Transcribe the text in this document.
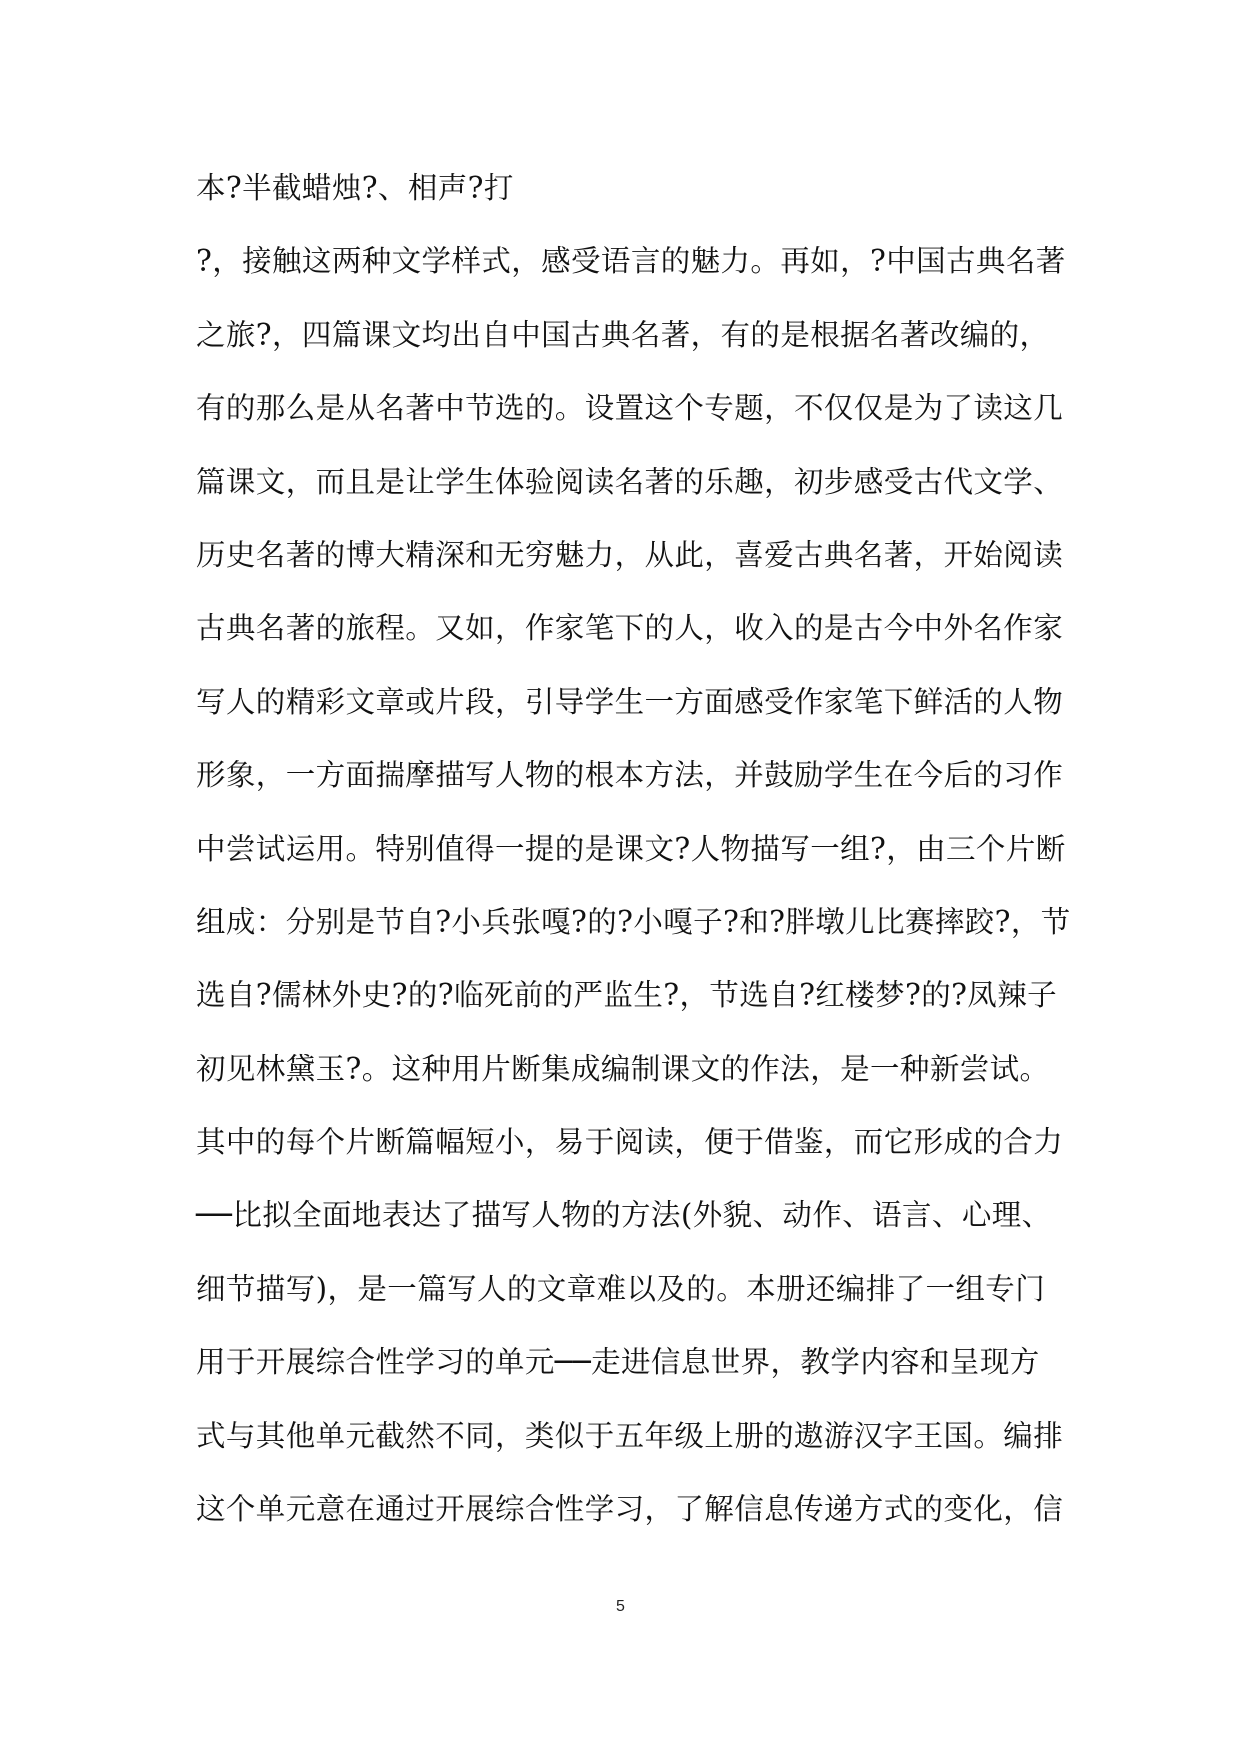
本?半截蜡烛?、相声?打
?，接触这两种文学样式，感受语言的魅力。再如，?中国古典名著
之旅?，四篇课文均出自中国古典名著，有的是根据名著改编的，
有的那么是从名著中节选的。设置这个专题，不仅仅是为了读这几
篇课文，而且是让学生体验阅读名著的乐趣，初步感受古代文学、
历史名著的博大精深和无穷魅力，从此，喜爱古典名著，开始阅读
古典名著的旅程。又如，作家笔下的人，收入的是古今中外名作家
写人的精彩文章或片段，引导学生一方面感受作家笔下鲜活的人物
形象，一方面揣摩描写人物的根本方法，并鼓励学生在今后的习作
中尝试运用。特别值得一提的是课文?人物描写一组?，由三个片断
组成：分别是节自?小兵张嘎?的?小嘎子?和?胖墩儿比赛摔跤?，节
选自?儒林外史?的?临死前的严监生?，节选自?红楼梦?的?凤辣子
初见林黛玉?。这种用片断集成编制课文的作法，是一种新尝试。
其中的每个片断篇幅短小，易于阅读，便于借鉴，而它形成的合力
──比拟全面地表达了描写人物的方法(外貌、动作、语言、心理、
细节描写)，是一篇写人的文章难以及的。本册还编排了一组专门
用于开展综合性学习的单元──走进信息世界，教学内容和呈现方
式与其他单元截然不同，类似于五年级上册的遨游汉字王国。编排
这个单元意在通过开展综合性学习，了解信息传递方式的变化，信
5
